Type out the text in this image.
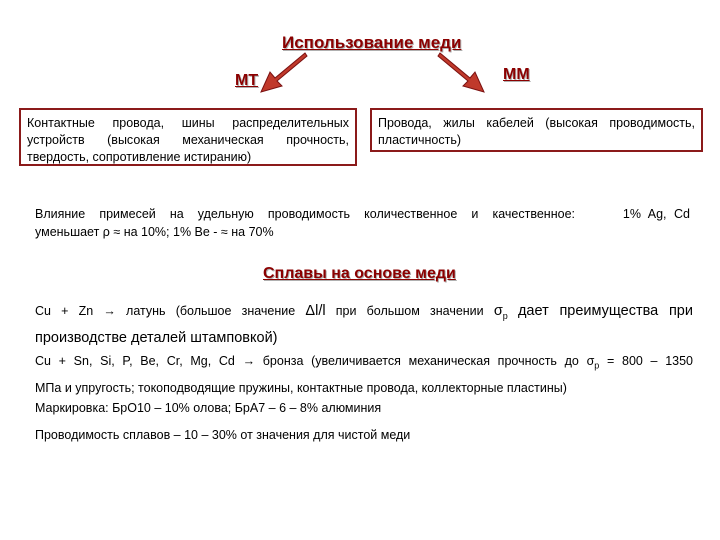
Использование меди
МТ	ММ
Контактные провода, шины распределительных устройств (высокая механическая прочность, твердость, сопротивление истиранию)
Провода, жилы кабелей (высокая проводимость, пластичность)
Влияние примесей на удельную проводимость количественное и качественное:	1% Ag, Cd
уменьшает ρ ≈ на 10%; 1% Be - ≈ на 70%
Сплавы на основе меди
Cu + Zn → латунь (большое значение Δl/l при большом значении $\sigma_р$ дает преимущества при
производстве деталей штамповкой)
Cu + Sn, Si, P, Be, Cr, Mg, Cd → бронза (увеличивается механическая прочность до $\sigma_р = 800 - 1350$
МПа и упругость; токоподводящие пружины, контактные провода, коллекторные пластины)
Маркировка: БрО10 – 10% олова; БрА7 – 6 – 8% алюминия
Проводимость сплавов – 10 – 30% от значения для чистой меди
